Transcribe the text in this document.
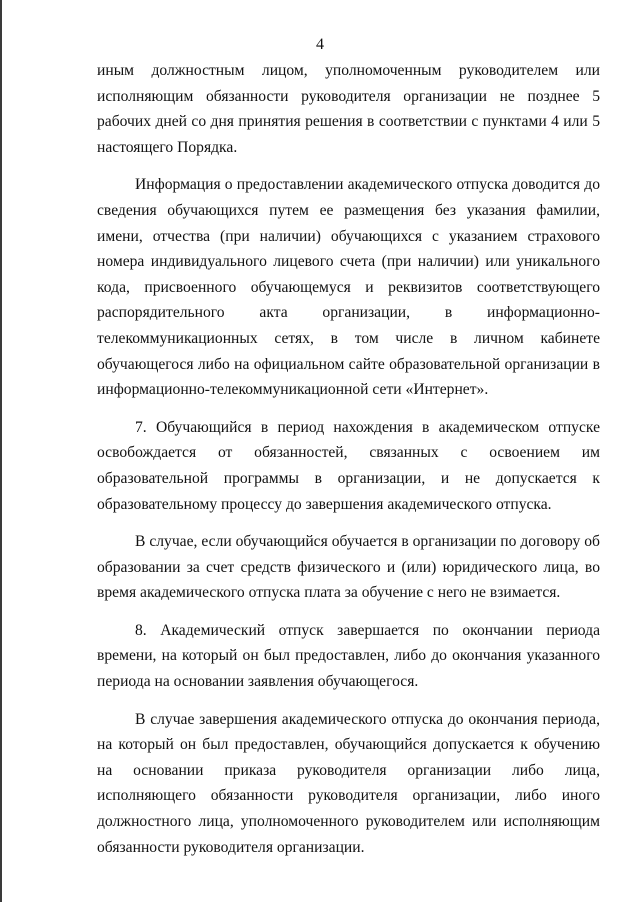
4

иным должностным лицом, уполномоченным руководителем или исполняющим обязанности руководителя организации не позднее 5 рабочих дней со дня принятия решения в соответствии с пунктами 4 или 5 настоящего Порядка.

Информация о предоставлении академического отпуска доводится до сведения обучающихся путем ее размещения без указания фамилии, имени, отчества (при наличии) обучающихся с указанием страхового номера индивидуального лицевого счета (при наличии) или уникального кода, присвоенного обучающемуся и реквизитов соответствующего распорядительного акта организации, в информационно-телекоммуникационных сетях, в том числе в личном кабинете обучающегося либо на официальном сайте образовательной организации в информационно-телекоммуникационной сети «Интернет».

7. Обучающийся в период нахождения в академическом отпуске освобождается от обязанностей, связанных с освоением им образовательной программы в организации, и не допускается к образовательному процессу до завершения академического отпуска.

В случае, если обучающийся обучается в организации по договору об образовании за счет средств физического и (или) юридического лица, во время академического отпуска плата за обучение с него не взимается.

8. Академический отпуск завершается по окончании периода времени, на который он был предоставлен, либо до окончания указанного периода на основании заявления обучающегося.

В случае завершения академического отпуска до окончания периода, на который он был предоставлен, обучающийся допускается к обучению на основании приказа руководителя организации либо лица, исполняющего обязанности руководителя организации, либо иного должностного лица, уполномоченного руководителем или исполняющим обязанности руководителя организации.
